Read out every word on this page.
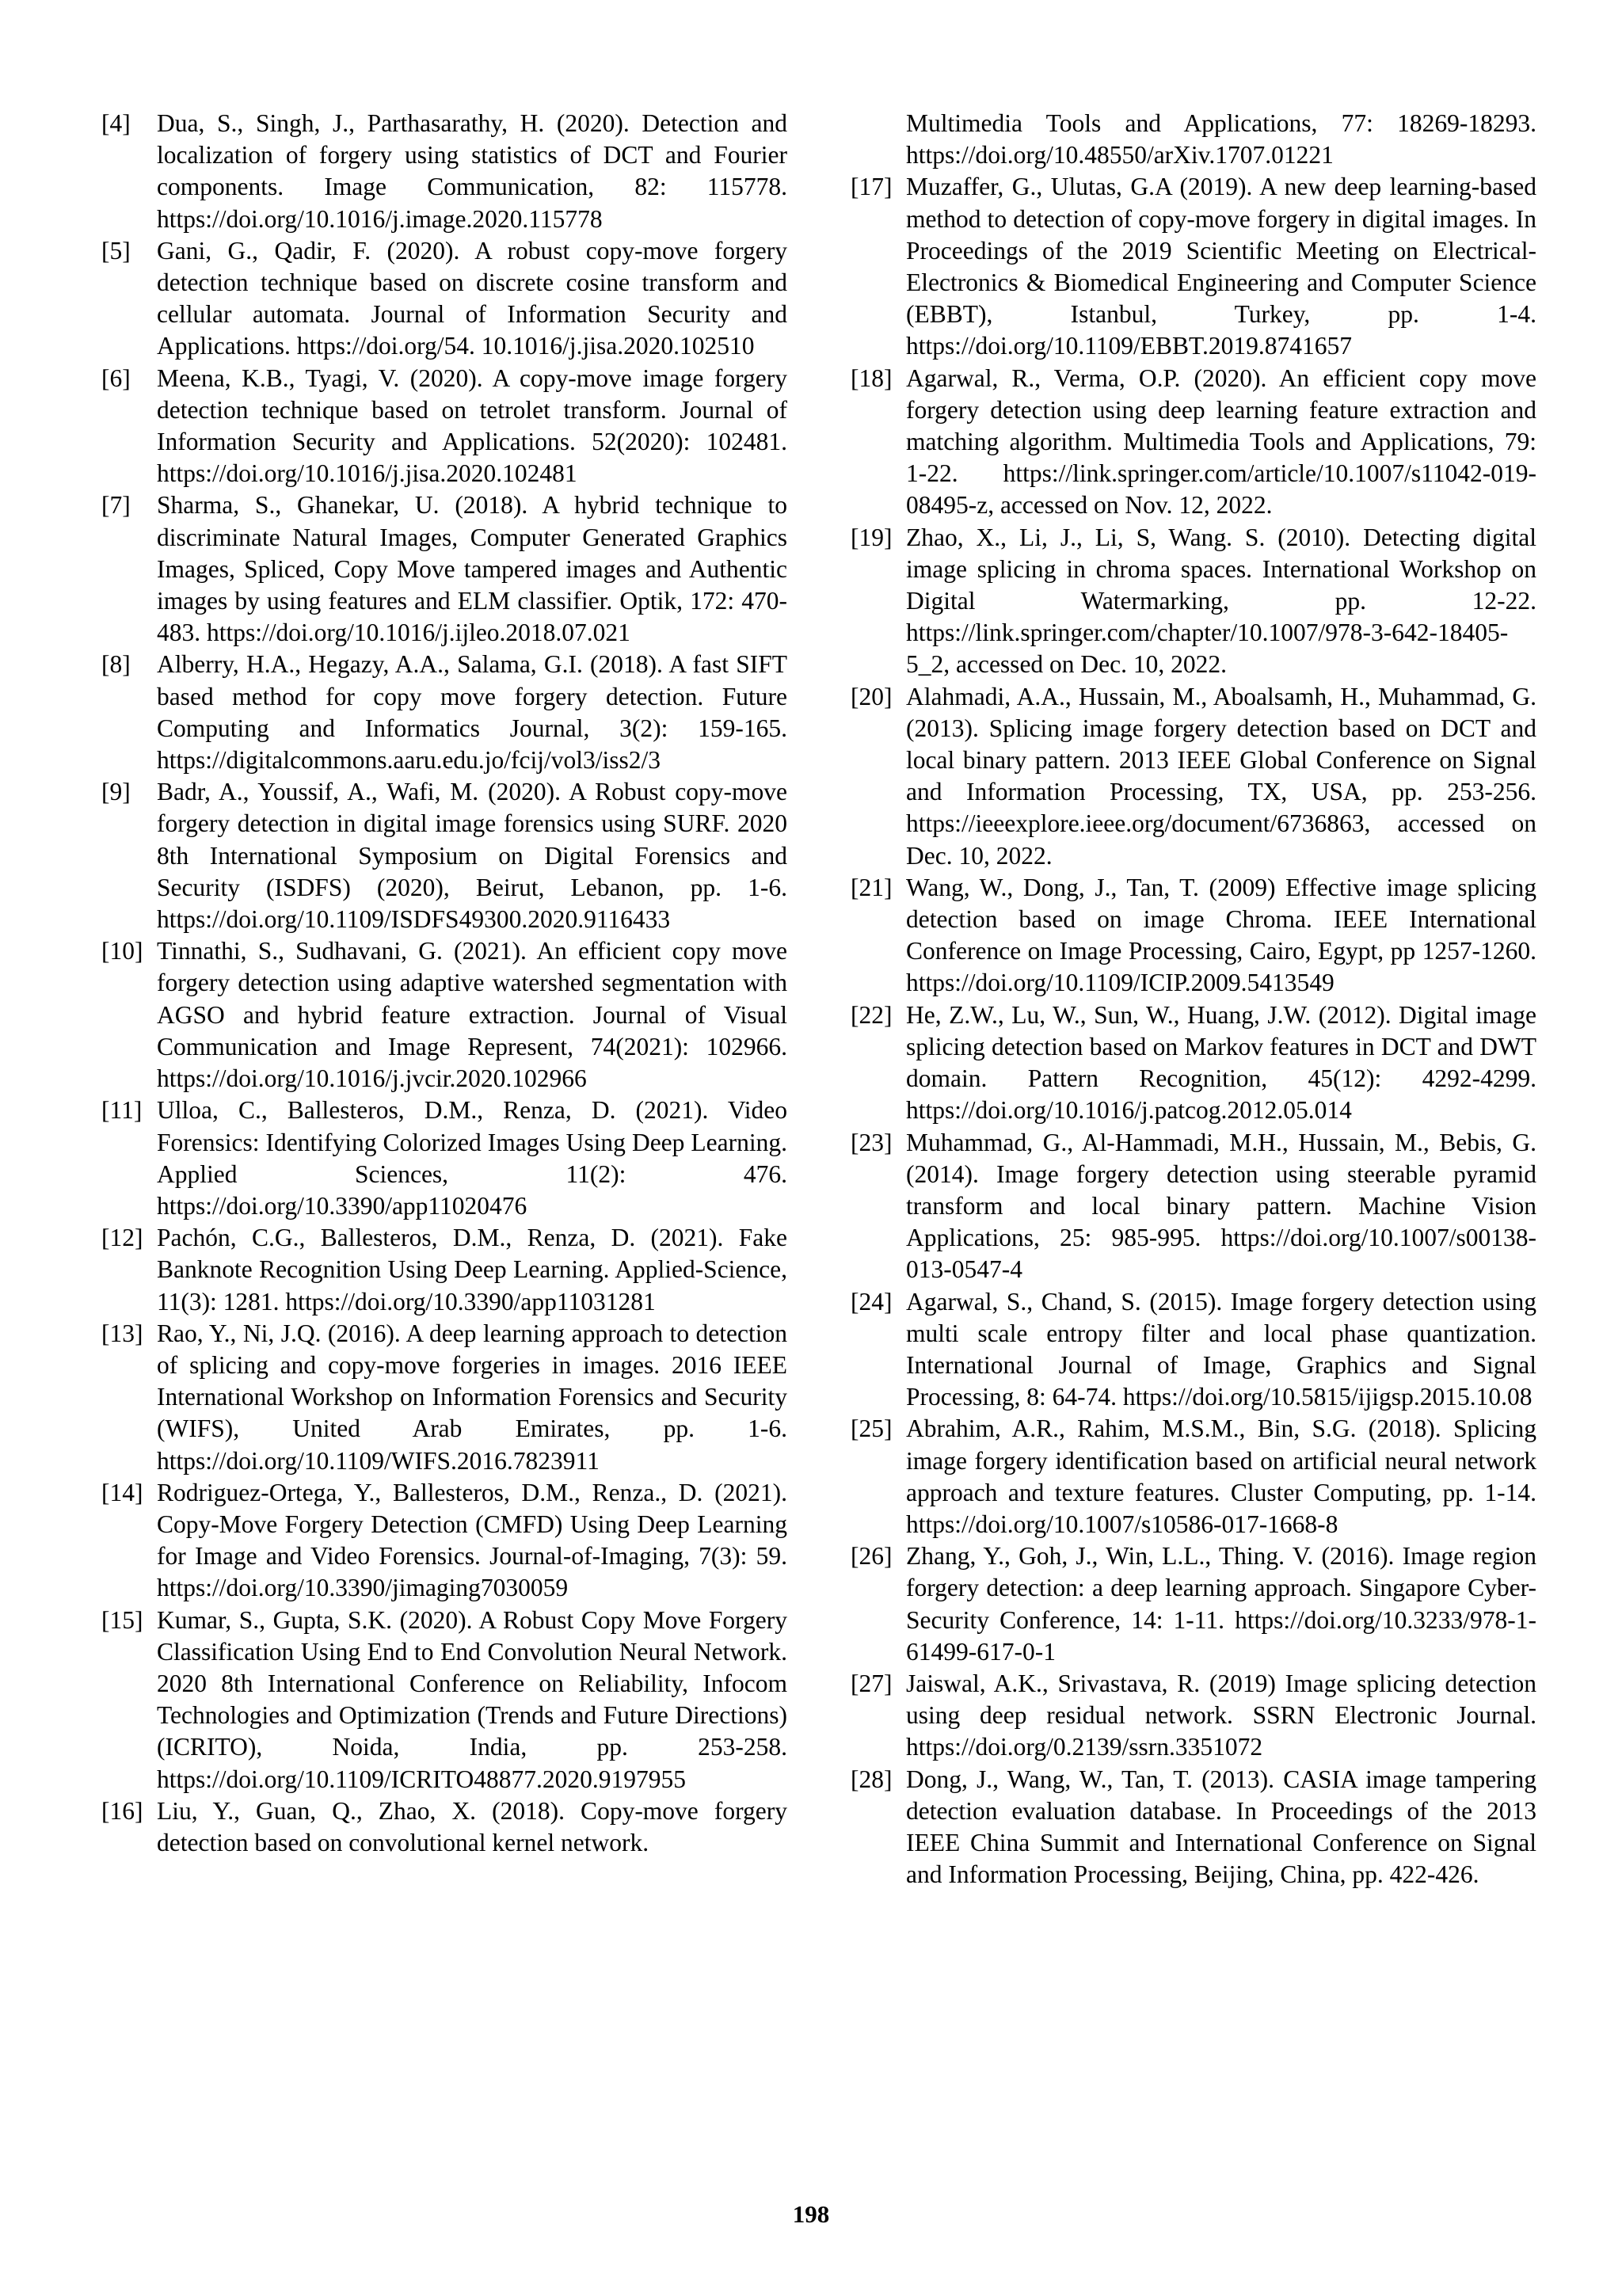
[4]	Dua, S., Singh, J., Parthasarathy, H. (2020). Detection and localization of forgery using statistics of DCT and Fourier components. Image Communication, 82: 115778. https://doi.org/10.1016/j.image.2020.115778
[5]	Gani, G., Qadir, F. (2020). A robust copy-move forgery detection technique based on discrete cosine transform and cellular automata. Journal of Information Security and Applications. https://doi.org/54. 10.1016/j.jisa.2020.102510
[6]	Meena, K.B., Tyagi, V. (2020). A copy-move image forgery detection technique based on tetrolet transform. Journal of Information Security and Applications. 52(2020): 102481. https://doi.org/10.1016/j.jisa.2020.102481
[7]	Sharma, S., Ghanekar, U. (2018). A hybrid technique to discriminate Natural Images, Computer Generated Graphics Images, Spliced, Copy Move tampered images and Authentic images by using features and ELM classifier. Optik, 172: 470-483. https://doi.org/10.1016/j.ijleo.2018.07.021
[8]	Alberry, H.A., Hegazy, A.A., Salama, G.I. (2018). A fast SIFT based method for copy move forgery detection. Future Computing and Informatics Journal, 3(2): 159-165. https://digitalcommons.aaru.edu.jo/fcij/vol3/iss2/3
[9]	Badr, A., Youssif, A., Wafi, M. (2020). A Robust copy-move forgery detection in digital image forensics using SURF. 2020 8th International Symposium on Digital Forensics and Security (ISDFS) (2020), Beirut, Lebanon, pp. 1-6. https://doi.org/10.1109/ISDFS49300.2020.9116433
[10] Tinnathi, S., Sudhavani, G. (2021). An efficient copy move forgery detection using adaptive watershed segmentation with AGSO and hybrid feature extraction. Journal of Visual Communication and Image Represent, 74(2021): 102966. https://doi.org/10.1016/j.jvcir.2020.102966
[11] Ulloa, C., Ballesteros, D.M., Renza, D. (2021). Video Forensics: Identifying Colorized Images Using Deep Learning. Applied Sciences, 11(2): 476. https://doi.org/10.3390/app11020476
[12] Pachón, C.G., Ballesteros, D.M., Renza, D. (2021). Fake Banknote Recognition Using Deep Learning. Applied-Science, 11(3): 1281. https://doi.org/10.3390/app11031281
[13] Rao, Y., Ni, J.Q. (2016). A deep learning approach to detection of splicing and copy-move forgeries in images. 2016 IEEE International Workshop on Information Forensics and Security (WIFS), United Arab Emirates, pp. 1-6. https://doi.org/10.1109/WIFS.2016.7823911
[14] Rodriguez-Ortega, Y., Ballesteros, D.M., Renza., D. (2021). Copy-Move Forgery Detection (CMFD) Using Deep Learning for Image and Video Forensics. Journal-of-Imaging, 7(3): 59. https://doi.org/10.3390/jimaging7030059
[15] Kumar, S., Gupta, S.K. (2020). A Robust Copy Move Forgery Classification Using End to End Convolution Neural Network. 2020 8th International Conference on Reliability, Infocom Technologies and Optimization (Trends and Future Directions) (ICRITO), Noida, India, pp. 253-258. https://doi.org/10.1109/ICRITO48877.2020.9197955
[16] Liu, Y., Guan, Q., Zhao, X. (2018). Copy-move forgery detection based on convolutional kernel network.
Multimedia Tools and Applications, 77: 18269-18293. https://doi.org/10.48550/arXiv.1707.01221
[17] Muzaffer, G., Ulutas, G.A (2019). A new deep learning-based method to detection of copy-move forgery in digital images. In Proceedings of the 2019 Scientific Meeting on Electrical-Electronics & Biomedical Engineering and Computer Science (EBBT), Istanbul, Turkey, pp. 1-4. https://doi.org/10.1109/EBBT.2019.8741657
[18] Agarwal, R., Verma, O.P. (2020). An efficient copy move forgery detection using deep learning feature extraction and matching algorithm. Multimedia Tools and Applications, 79: 1-22. https://link.springer.com/article/10.1007/s11042-019-08495-z, accessed on Nov. 12, 2022.
[19] Zhao, X., Li, J., Li, S, Wang. S. (2010). Detecting digital image splicing in chroma spaces. International Workshop on Digital Watermarking, pp. 12-22. https://link.springer.com/chapter/10.1007/978-3-642-18405-5_2, accessed on Dec. 10, 2022.
[20] Alahmadi, A.A., Hussain, M., Aboalsamh, H., Muhammad, G. (2013). Splicing image forgery detection based on DCT and local binary pattern. 2013 IEEE Global Conference on Signal and Information Processing, TX, USA, pp. 253-256. https://ieeexplore.ieee.org/document/6736863, accessed on Dec. 10, 2022.
[21] Wang, W., Dong, J., Tan, T. (2009) Effective image splicing detection based on image Chroma. IEEE International Conference on Image Processing, Cairo, Egypt, pp 1257-1260. https://doi.org/10.1109/ICIP.2009.5413549
[22] He, Z.W., Lu, W., Sun, W., Huang, J.W. (2012). Digital image splicing detection based on Markov features in DCT and DWT domain. Pattern Recognition, 45(12): 4292-4299. https://doi.org/10.1016/j.patcog.2012.05.014
[23] Muhammad, G., Al-Hammadi, M.H., Hussain, M., Bebis, G. (2014). Image forgery detection using steerable pyramid transform and local binary pattern. Machine Vision Applications, 25: 985-995. https://doi.org/10.1007/s00138-013-0547-4
[24] Agarwal, S., Chand, S. (2015). Image forgery detection using multi scale entropy filter and local phase quantization. International Journal of Image, Graphics and Signal Processing, 8: 64-74. https://doi.org/10.5815/ijigsp.2015.10.08
[25] Abrahim, A.R., Rahim, M.S.M., Bin, S.G. (2018). Splicing image forgery identification based on artificial neural network approach and texture features. Cluster Computing, pp. 1-14. https://doi.org/10.1007/s10586-017-1668-8
[26] Zhang, Y., Goh, J., Win, L.L., Thing. V. (2016). Image region forgery detection: a deep learning approach. Singapore Cyber-Security Conference, 14: 1-11. https://doi.org/10.3233/978-1-61499-617-0-1
[27] Jaiswal, A.K., Srivastava, R. (2019) Image splicing detection using deep residual network. SSRN Electronic Journal. https://doi.org/0.2139/ssrn.3351072
[28] Dong, J., Wang, W., Tan, T. (2013). CASIA image tampering detection evaluation database. In Proceedings of the 2013 IEEE China Summit and International Conference on Signal and Information Processing, Beijing, China, pp. 422-426.
198
